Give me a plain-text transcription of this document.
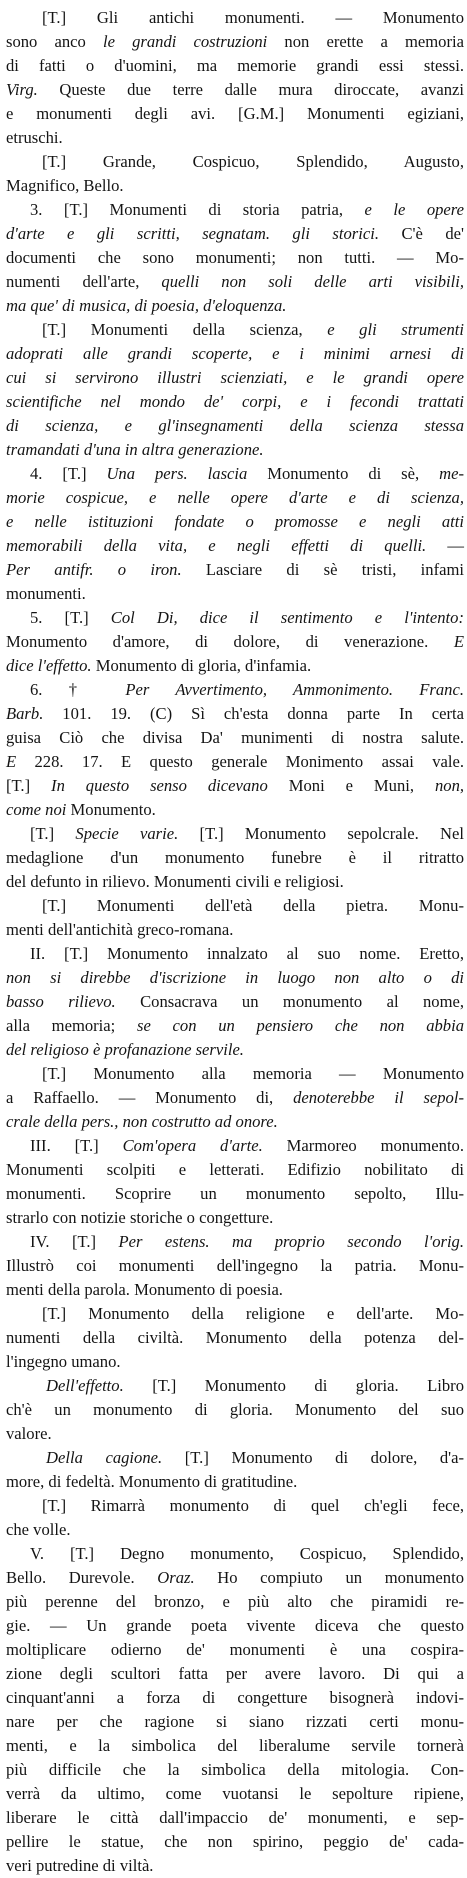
[T.] Gli antichi monumenti. — Monumento
sono anco le grandi costruzioni non erette a memoria
di fatti o d'uomini, ma memorie grandi essi stessi.
Virg. Queste due terre dalle mura diroccate, avanzi
e monumenti degli avi. [G.M.] Monumenti egiziani,
etruschi.
[T.] Grande, Cospicuo, Splendido, Augusto,
Magnifico, Bello.
3. [T.] Monumenti di storia patria, e le opere
d'arte e gli scritti, segnatam. gli storici. C'è de'
documenti che sono monumenti; non tutti. — Mo-
numenti dell'arte, quelli non soli delle arti visibili,
ma que' di musica, di poesia, d'eloquenza.
[T.] Monumenti della scienza, e gli strumenti
adoprati alle grandi scoperte, e i minimi arnesi di
cui si servirono illustri scienziati, e le grandi opere
scientifiche nel mondo de' corpi, e i fecondi trattati
di scienza, e gl'insegnamenti della scienza stessa
tramandati d'una in altra generazione.
4. [T.] Una pers. lascia Monumento di sè, me-
morie cospicue, e nelle opere d'arte e di scienza,
e nelle istituzioni fondate o promosse e negli atti
memorabili della vita, e negli effetti di quelli. —
Per antifr. o iron. Lasciare di sè tristi, infami
monumenti.
5. [T.] Col Di, dice il sentimento e l'intento:
Monumento d'amore, di dolore, di venerazione. E
dice l'effetto. Monumento di gloria, d'infamia.
6. † Per Avvertimento, Ammonimento. Franc.
Barb. 101. 19. (C) Sì ch'esta donna parte In certa
guisa Ciò che divisa Da' munimenti di nostra salute.
E 228. 17. E questo generale Monimento assai vale.
[T.] In questo senso dicevano Moni e Muni, non,
come noi Monumento.
[T.] Specie varie. [T.] Monumento sepolcrale. Nel
medaglione d'un monumento funebre è il ritratto
del defunto in rilievo. Monumenti civili e religiosi.
[T.] Monumenti dell'età della pietra. Monu-
menti dell'antichità greco-romana.
II. [T.] Monumento innalzato al suo nome. Eretto,
non si direbbe d'iscrizione in luogo non alto o di
basso rilievo. Consacrava un monumento al nome,
alla memoria; se con un pensiero che non abbia
del religioso è profanazione servile.
[T.] Monumento alla memoria — Monumento
a Raffaello. — Monumento di, denoterebbe il sepol-
crale della pers., non costrutto ad onore.
III. [T.] Com'opera d'arte. Marmoreo monumento.
Monumenti scolpiti e letterati. Edifizio nobilitato di
monumenti. Scoprire un monumento sepolto, Illu-
strarlo con notizie storiche o congetture.
IV. [T.] Per estens. ma proprio secondo l'orig.
Illustrò coi monumenti dell'ingegno la patria. Monu-
menti della parola. Monumento di poesia.
[T.] Monumento della religione e dell'arte. Mo-
numenti della civiltà. Monumento della potenza del-
l'ingegno umano.
Dell'effetto. [T.] Monumento di gloria. Libro
ch'è un monumento di gloria. Monumento del suo
valore.
Della cagione. [T.] Monumento di dolore, d'a-
more, di fedeltà. Monumento di gratitudine.
[T.] Rimarrà monumento di quel ch'egli fece,
che volle.
V. [T.] Degno monumento, Cospicuo, Splendido,
Bello. Durevole. Oraz. Ho compiuto un monumento
più perenne del bronzo, e più alto che piramidi re-
gie. — Un grande poeta vivente diceva che questo
moltiplicare odierno de' monumenti è una cospira-
zione degli scultori fatta per avere lavoro. Di qui a
cinquant'anni a forza di congetture bisognerà indovi-
nare per che ragione si siano rizzati certi monu-
menti, e la simbolica del liberalume servile tornerà
più difficile che la simbolica della mitologia. Con-
verrà da ultimo, come vuotansi le sepolture ripiene,
liberare le città dall'impaccio de' monumenti, e sep-
pellire le statue, che non spirino, peggio de' cada-
veri putredine di viltà.
